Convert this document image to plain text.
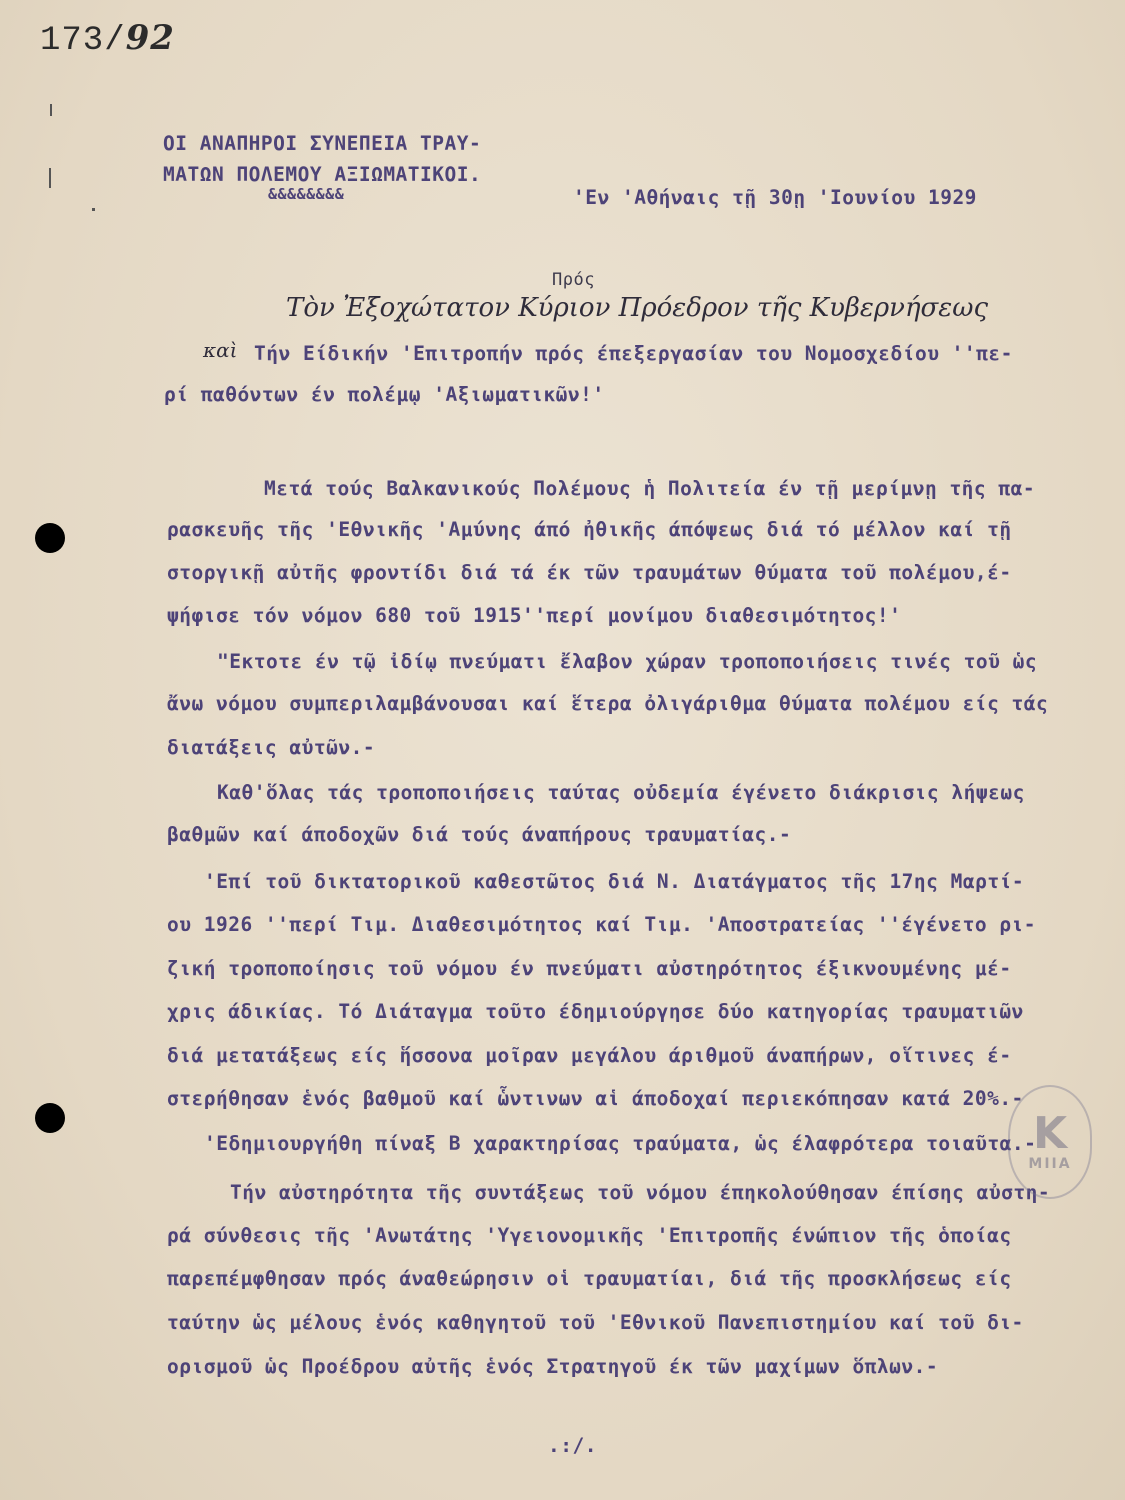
173/92
ΟΙ ΑΝΑΠΗΡΟΙ ΣΥΝΕΠΕΙΑ ΤΡΑΥ-
ΜΑΤΩΝ ΠΟΛΕΜΟΥ ΑΞΙΩΜΑΤΙΚΟΙ.
&&&&&&&&	'Εν 'Αθήναις τῇ 30ῃ 'Ιουνίου 1929
Πρός
Τὸν Ἐξοχώτατον Κύριον Πρόεδρον τῆς Κυβερνήσεως
καὶ Τήν Είδικήν 'Επιτροπήν πρός έπεξεργασίαν του Νομοσχεδίου ''πε-
ρί παθόντων έν πολέμῳ 'Αξιωματικῶν!'
Μετά τούς Βαλκανικούς Πολέμους ἡ Πολιτεία έν τῇ μερίμνῃ τῆς πα-
ρασκευῆς τῆς 'Εθνικῆς 'Αμύνης άπό ἠθικῆς άπόψεως διά τό μέλλον καί τῇ
στοργικῇ αὐτῆς φροντίδι διά τά έκ τῶν τραυμάτων θύματα τοῦ πολέμου,έ-
ψήφισε τόν νόμον 680 τοῦ 1915''περί μονίμου διαθεσιμότητος!'
"Εκτοτε έν τῷ ἰδίῳ πνεύματι ἔλαβον χώραν τροποποιήσεις τινές τοῦ ὡς
ἄνω νόμου συμπεριλαμβάνουσαι καί ἕτερα ὀλιγάριθμα θύματα πολέμου είς τάς
διατάξεις αὐτῶν.-
Καθ'ὅλας τάς τροποποιήσεις ταύτας οὐδεμία έγένετο διάκρισις λήψεως
βαθμῶν καί άποδοχῶν διά τούς άναπήρους τραυματίας.-
'Επί τοῦ δικτατορικοῦ καθεστῶτος διά Ν. Διατάγματος τῆς 17ης Μαρτί-
ου 1926 ''περί Τιμ. Διαθεσιμότητος καί Τιμ. 'Αποστρατείας ''έγένετο ρι-
ζική τροποποίησις τοῦ νόμου έν πνεύματι αὐστηρότητος έξικνουμένης μέ-
χρις άδικίας. Τό Διάταγμα τοῦτο έδημιούργησε δύο κατηγορίας τραυματιῶν
διά μετατάξεως είς ἥσσονα μοῖραν μεγάλου άριθμοῦ άναπήρων, οἵτινες έ-
στερήθησαν ἑνός βαθμοῦ καί ὧντινων αἱ άποδοχαί περιεκόπησαν κατά 20%.-
'Εδημιουργήθη πίναξ Β χαρακτηρίσας τραύματα, ὡς έλαφρότερα τοιαῦτα.-
Τήν αὐστηρότητα τῆς συντάξεως τοῦ νόμου έπηκολούθησαν έπίσης αὐστη-
ρά σύνθεσις τῆς 'Ανωτάτης 'Υγειονομικῆς 'Επιτροπῆς ένώπιον τῆς ὁποίας
παρεπέμφθησαν πρός άναθεώρησιν οἱ τραυματίαι, διά τῆς προσκλήσεως είς
ταύτην ὡς μέλους ἑνός καθηγητοῦ τοῦ 'Εθνικοῦ Πανεπιστημίου καί τοῦ δι-
ορισμοῦ ὡς Προέδρου αὐτῆς ἑνός Στρατηγοῦ έκ τῶν μαχίμων ὅπλων.-
K
ΜΙΙΑ
.:/.
